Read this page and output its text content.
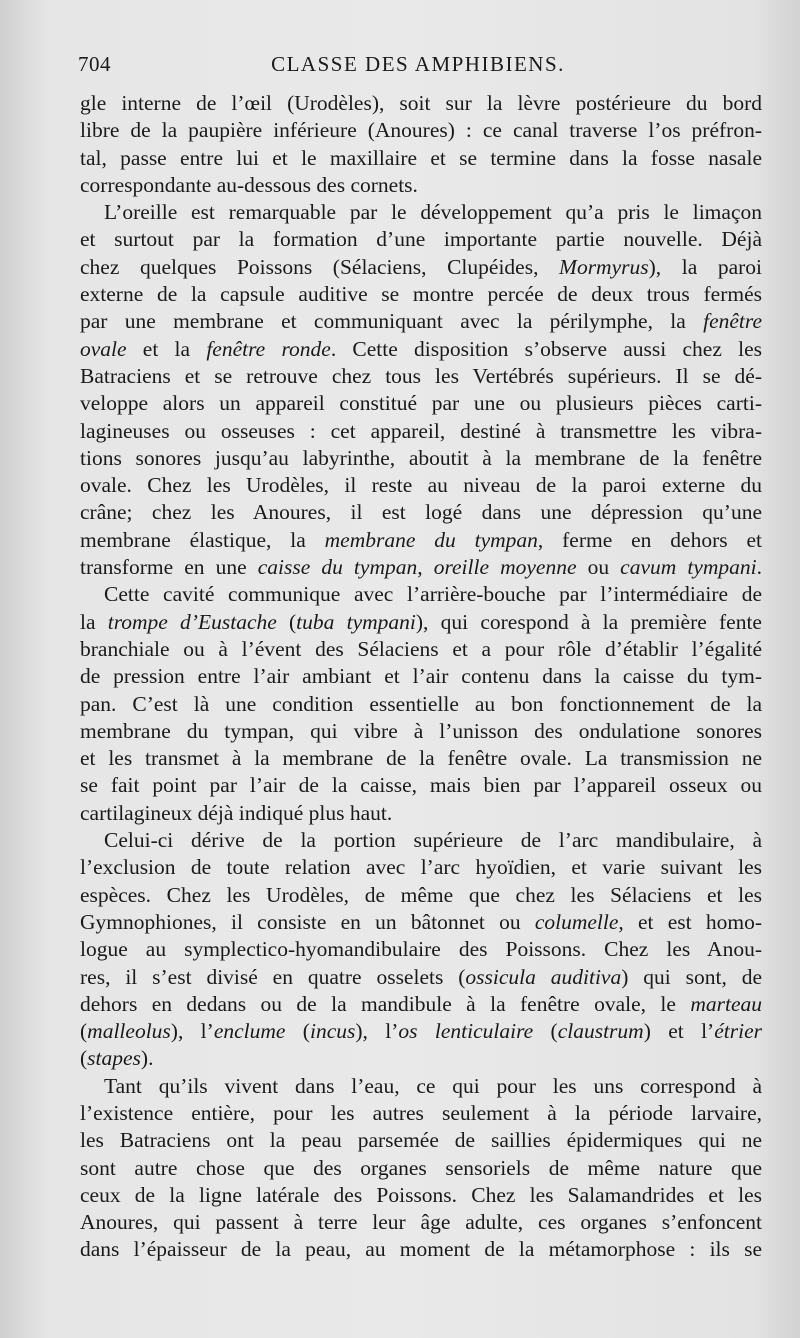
704	CLASSE DES AMPHIBIENS.
gle interne de l’œil (Urodèles), soit sur la lèvre postérieure du bord
libre de la paupière inférieure (Anoures) : ce canal traverse l’os préfron-
tal, passe entre lui et le maxillaire et se termine dans la fosse nasale
correspondante au-dessous des cornets.
L’oreille est remarquable par le développement qu’a pris le limaçon
et surtout par la formation d’une importante partie nouvelle. Déjà
chez quelques Poissons (Sélaciens, Clupéides, Mormyrus), la paroi
externe de la capsule auditive se montre percée de deux trous fermés
par une membrane et communiquant avec la périlymphe, la fenêtre
ovale et la fenêtre ronde. Cette disposition s’observe aussi chez les
Batraciens et se retrouve chez tous les Vertébrés supérieurs. Il se dé-
veloppe alors un appareil constitué par une ou plusieurs pièces carti-
lagineuses ou osseuses : cet appareil, destiné à transmettre les vibra-
tions sonores jusqu’au labyrinthe, aboutit à la membrane de la fenêtre
ovale. Chez les Urodèles, il reste au niveau de la paroi externe du
crâne; chez les Anoures, il est logé dans une dépression qu’une
membrane élastique, la membrane du tympan, ferme en dehors et
transforme en une caisse du tympan, oreille moyenne ou cavum tympani.
Cette cavité communique avec l’arrière-bouche par l’intermédiaire de
la trompe d’Eustache (tuba tympani), qui corespond à la première fente
branchiale ou à l’évent des Sélaciens et a pour rôle d’établir l’égalité
de pression entre l’air ambiant et l’air contenu dans la caisse du tym-
pan. C’est là une condition essentielle au bon fonctionnement de la
membrane du tympan, qui vibre à l’unisson des ondulatione sonores
et les transmet à la membrane de la fenêtre ovale. La transmission ne
se fait point par l’air de la caisse, mais bien par l’appareil osseux ou
cartilagineux déjà indiqué plus haut.
Celui-ci dérive de la portion supérieure de l’arc mandibulaire, à
l’exclusion de toute relation avec l’arc hyoïdien, et varie suivant les
espèces. Chez les Urodèles, de même que chez les Sélaciens et les
Gymnophiones, il consiste en un bâtonnet ou columelle, et est homo-
logue au symplectico-hyomandibulaire des Poissons. Chez les Anou-
res, il s’est divisé en quatre osselets (ossicula auditiva) qui sont, de
dehors en dedans ou de la mandibule à la fenêtre ovale, le marteau
(malleolus), l’enclume (incus), l’os lenticulaire (claustrum) et l’étrier
(stapes).
Tant qu’ils vivent dans l’eau, ce qui pour les uns correspond à
l’existence entière, pour les autres seulement à la période larvaire,
les Batraciens ont la peau parsemée de saillies épidermiques qui ne
sont autre chose que des organes sensoriels de même nature que
ceux de la ligne latérale des Poissons. Chez les Salamandrides et les
Anoures, qui passent à terre leur âge adulte, ces organes s’enfoncent
dans l’épaisseur de la peau, au moment de la métamorphose : ils se
